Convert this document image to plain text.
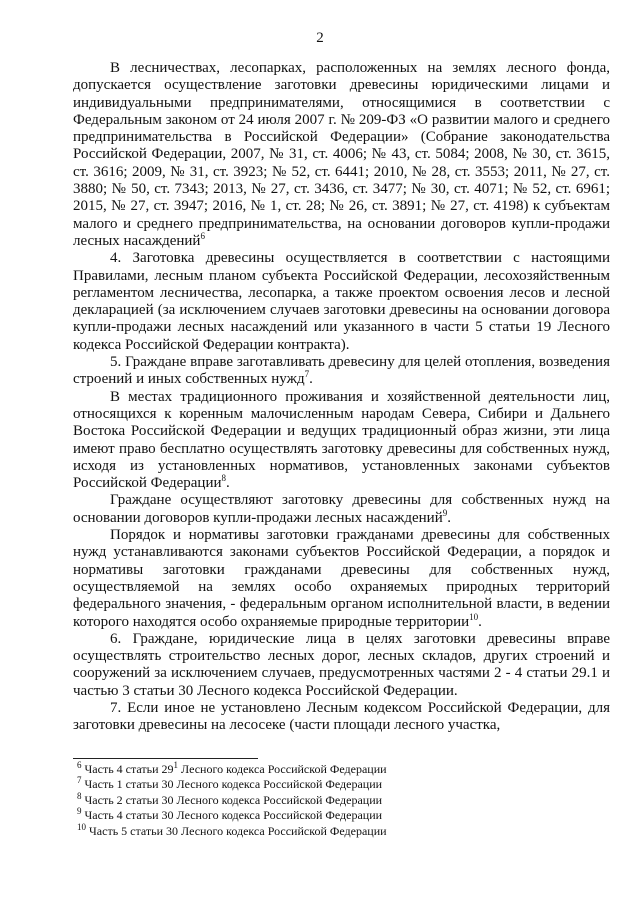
2

В лесничествах, лесопарках, расположенных на землях лесного фонда, допускается осуществление заготовки древесины юридическими лицами и индивидуальными предпринимателями, относящимися в соответствии с Федеральным законом от 24 июля 2007 г. № 209-ФЗ «О развитии малого и среднего предпринимательства в Российской Федерации» (Собрание законодательства Российской Федерации, 2007, № 31, ст. 4006; № 43, ст. 5084; 2008, № 30, ст. 3615, ст. 3616; 2009, № 31, ст. 3923; № 52, ст. 6441; 2010, № 28, ст. 3553; 2011, № 27, ст. 3880; № 50, ст. 7343; 2013, № 27, ст. 3436, ст. 3477; № 30, ст. 4071; № 52, ст. 6961; 2015, № 27, ст. 3947; 2016, № 1, ст. 28; № 26, ст. 3891; № 27, ст. 4198) к субъектам малого и среднего предпринимательства, на основании договоров купли-продажи лесных насаждений$^6$

4. Заготовка древесины осуществляется в соответствии с настоящими Правилами, лесным планом субъекта Российской Федерации, лесохозяйственным регламентом лесничества, лесопарка, а также проектом освоения лесов и лесной декларацией (за исключением случаев заготовки древесины на основании договора купли-продажи лесных насаждений или указанного в части 5 статьи 19 Лесного кодекса Российской Федерации контракта).

5. Граждане вправе заготавливать древесину для целей отопления, возведения строений и иных собственных нужд$^7$.

В местах традиционного проживания и хозяйственной деятельности лиц, относящихся к коренным малочисленным народам Севера, Сибири и Дальнего Востока Российской Федерации и ведущих традиционный образ жизни, эти лица имеют право бесплатно осуществлять заготовку древесины для собственных нужд, исходя из установленных нормативов, установленных законами субъектов Российской Федерации$^8$.

Граждане осуществляют заготовку древесины для собственных нужд на основании договоров купли-продажи лесных насаждений$^9$.

Порядок и нормативы заготовки гражданами древесины для собственных нужд устанавливаются законами субъектов Российской Федерации, а порядок и нормативы заготовки гражданами древесины для собственных нужд, осуществляемой на землях особо охраняемых природных территорий федерального значения, - федеральным органом исполнительной власти, в ведении которого находятся особо охраняемые природные территории$^{10}$.

6. Граждане, юридические лица в целях заготовки древесины вправе осуществлять строительство лесных дорог, лесных складов, других строений и сооружений за исключением случаев, предусмотренных частями 2 - 4 статьи 29.1 и частью 3 статьи 30 Лесного кодекса Российской Федерации.

7. Если иное не установлено Лесным кодексом Российской Федерации, для заготовки древесины на лесосеке (части площади лесного участка,

$^6$ Часть 4 статьи $29^1$ Лесного кодекса Российской Федерации

$^7$ Часть 1 статьи 30 Лесного кодекса Российской Федерации

$^8$ Часть 2 статьи 30 Лесного кодекса Российской Федерации

$^9$ Часть 4 статьи 30 Лесного кодекса Российской Федерации

$^{10}$ Часть 5 статьи 30 Лесного кодекса Российской Федерации
